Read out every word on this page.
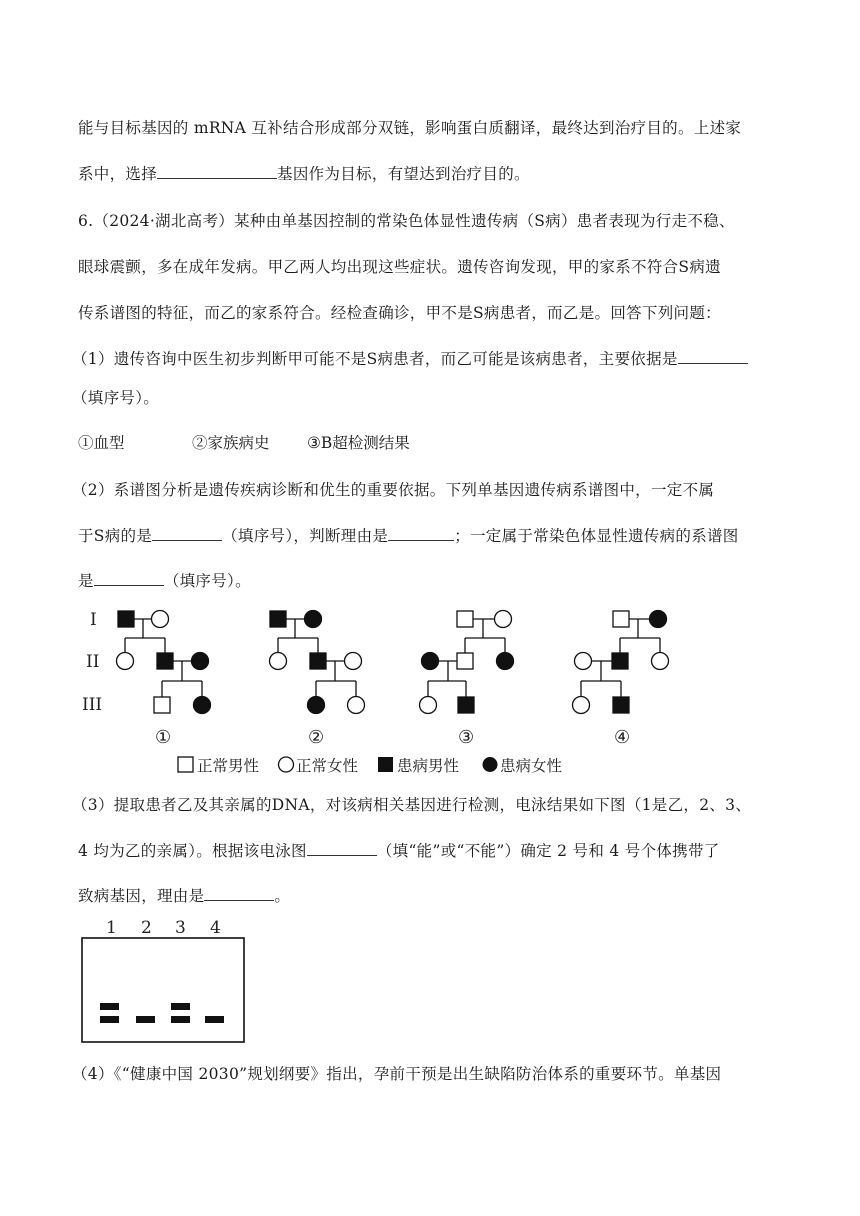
能与目标基因的 mRNA 互补结合形成部分双链，影响蛋白质翻译，最终达到治疗目的。上述家
系中，选择	基因作为目标，有望达到治疗目的。
6.（2024·湖北高考）某种由单基因控制的常染色体显性遗传病（S病）患者表现为行走不稳、
眼球震颤，多在成年发病。甲乙两人均出现这些症状。遗传咨询发现，甲的家系不符合S病遗
传系谱图的特征，而乙的家系符合。经检查确诊，甲不是S病患者，而乙是。回答下列问题：
（1）遗传咨询中医生初步判断甲可能不是S病患者，而乙可能是该病患者，主要依据是
（填序号）。
①血型	②家族病史 ③B超检测结果
（2）系谱图分析是遗传疾病诊断和优生的重要依据。下列单基因遗传病系谱图中，一定不属
于S病的是	（填序号），判断理由是	；一定属于常染色体显性遗传病的系谱图
是	（填序号）。
I
II
III
①	②	③	④
正常男性 正常女性	患病男性	患病女性
（3）提取患者乙及其亲属的DNA，对该病相关基因进行检测，电泳结果如下图（1是乙，2、3、
4 均为乙的亲属）。根据该电泳图	（填“能”或“不能”）确定 2 号和 4 号个体携带了
致病基因，理由是	。
1 2 3 4
（4）《“健康中国 2030”规划纲要》指出，孕前干预是出生缺陷防治体系的重要环节。单基因
